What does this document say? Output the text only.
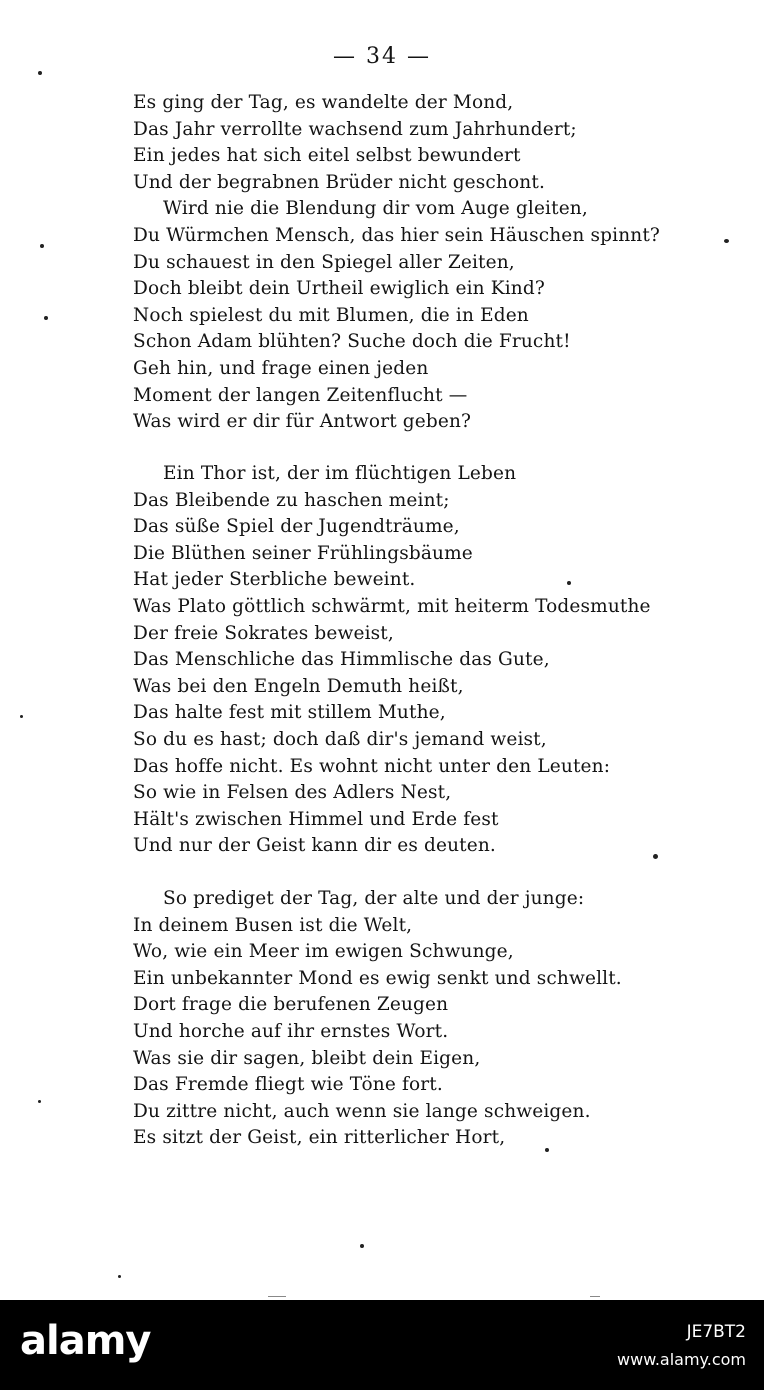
— 34 —
Es ging der Tag, es wandelte der Mond,
Das Jahr verrollte wachsend zum Jahrhundert;
Ein jedes hat sich eitel selbst bewundert
Und der begrabnen Brüder nicht geschont.
Wird nie die Blendung dir vom Auge gleiten,
Du Würmchen Mensch, das hier sein Häuschen spinnt?
Du schauest in den Spiegel aller Zeiten,
Doch bleibt dein Urtheil ewiglich ein Kind?
Noch spielest du mit Blumen, die in Eden
Schon Adam blühten? Suche doch die Frucht!
Geh hin, und frage einen jeden
Moment der langen Zeitenflucht —
Was wird er dir für Antwort geben?
Ein Thor ist, der im flüchtigen Leben
Das Bleibende zu haschen meint;
Das süße Spiel der Jugendträume,
Die Blüthen seiner Frühlingsbäume
Hat jeder Sterbliche beweint.
Was Plato göttlich schwärmt, mit heiterm Todesmuthe
Der freie Sokrates beweist,
Das Menschliche das Himmlische das Gute,
Was bei den Engeln Demuth heißt,
Das halte fest mit stillem Muthe,
So du es hast; doch daß dir's jemand weist,
Das hoffe nicht. Es wohnt nicht unter den Leuten:
So wie in Felsen des Adlers Nest,
Hält's zwischen Himmel und Erde fest
Und nur der Geist kann dir es deuten.
So prediget der Tag, der alte und der junge:
In deinem Busen ist die Welt,
Wo, wie ein Meer im ewigen Schwunge,
Ein unbekannter Mond es ewig senkt und schwellt.
Dort frage die berufenen Zeugen
Und horche auf ihr ernstes Wort.
Was sie dir sagen, bleibt dein Eigen,
Das Fremde fliegt wie Töne fort.
Du zittre nicht, auch wenn sie lange schweigen.
Es sitzt der Geist, ein ritterlicher Hort,
alamy	JE7BT2
www.alamy.com
